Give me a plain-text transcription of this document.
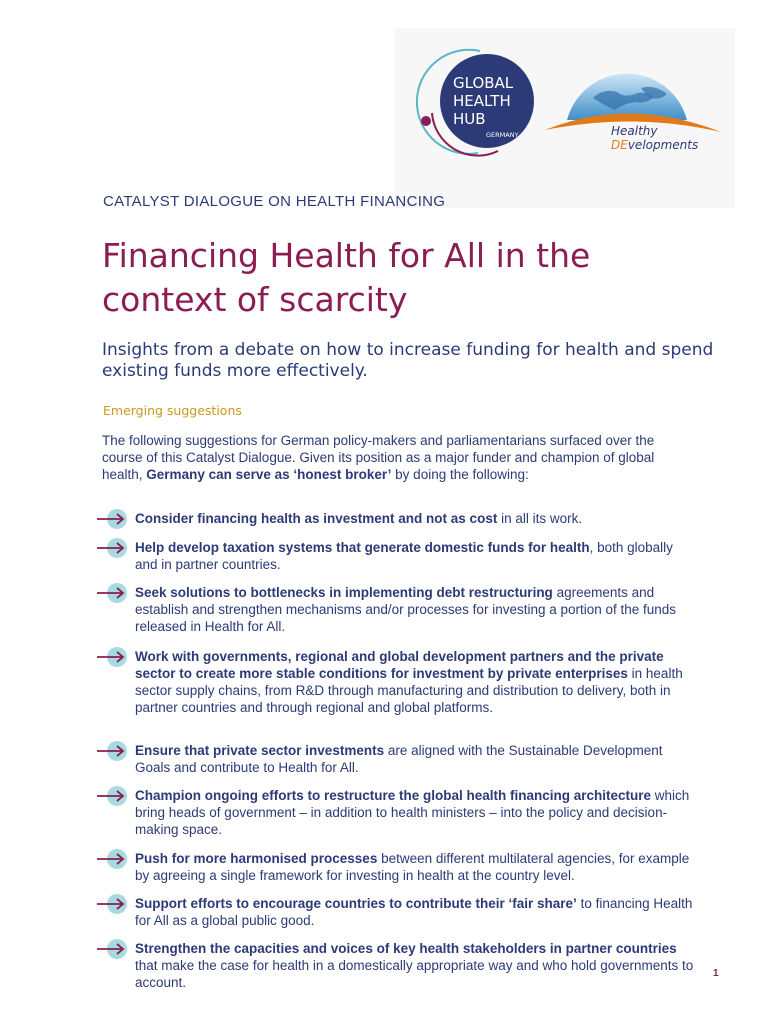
GLOBAL
HEALTH
HUB
GERMANY	Healthy
DEvelopments
CATALYST DIALOGUE ON HEALTH FINANCING
Financing Health for All in the
context of scarcity

Insights from a debate on how to increase funding for health and spend existing funds more effectively.

Emerging suggestions

The following suggestions for German policy-makers and parliamentarians surfaced over the course of this Catalyst Dialogue. Given its position as a major funder and champion of global health, Germany can serve as ‘honest broker’ by doing the following:

Consider financing health as investment and not as cost in all its work.
Help develop taxation systems that generate domestic funds for health, both globally and in partner countries.
Seek solutions to bottlenecks in implementing debt restructuring agreements and establish and strengthen mechanisms and/or processes for investing a portion of the funds released in Health for All.
Work with governments, regional and global development partners and the private sector to create more stable conditions for investment by private enterprises in health sector supply chains, from R&D through manufacturing and distribution to delivery, both in partner countries and through regional and global platforms.
Ensure that private sector investments are aligned with the Sustainable Development Goals and contribute to Health for All.
Champion ongoing efforts to restructure the global health financing architecture which bring heads of government – in addition to health ministers – into the policy and decision-making space.
Push for more harmonised processes between different multilateral agencies, for example by agreeing a single framework for investing in health at the country level.
Support efforts to encourage countries to contribute their ‘fair share’ to financing Health for All as a global public good.
Strengthen the capacities and voices of key health stakeholders in partner countries that make the case for health in a domestically appropriate way and who hold governments to account.
1
